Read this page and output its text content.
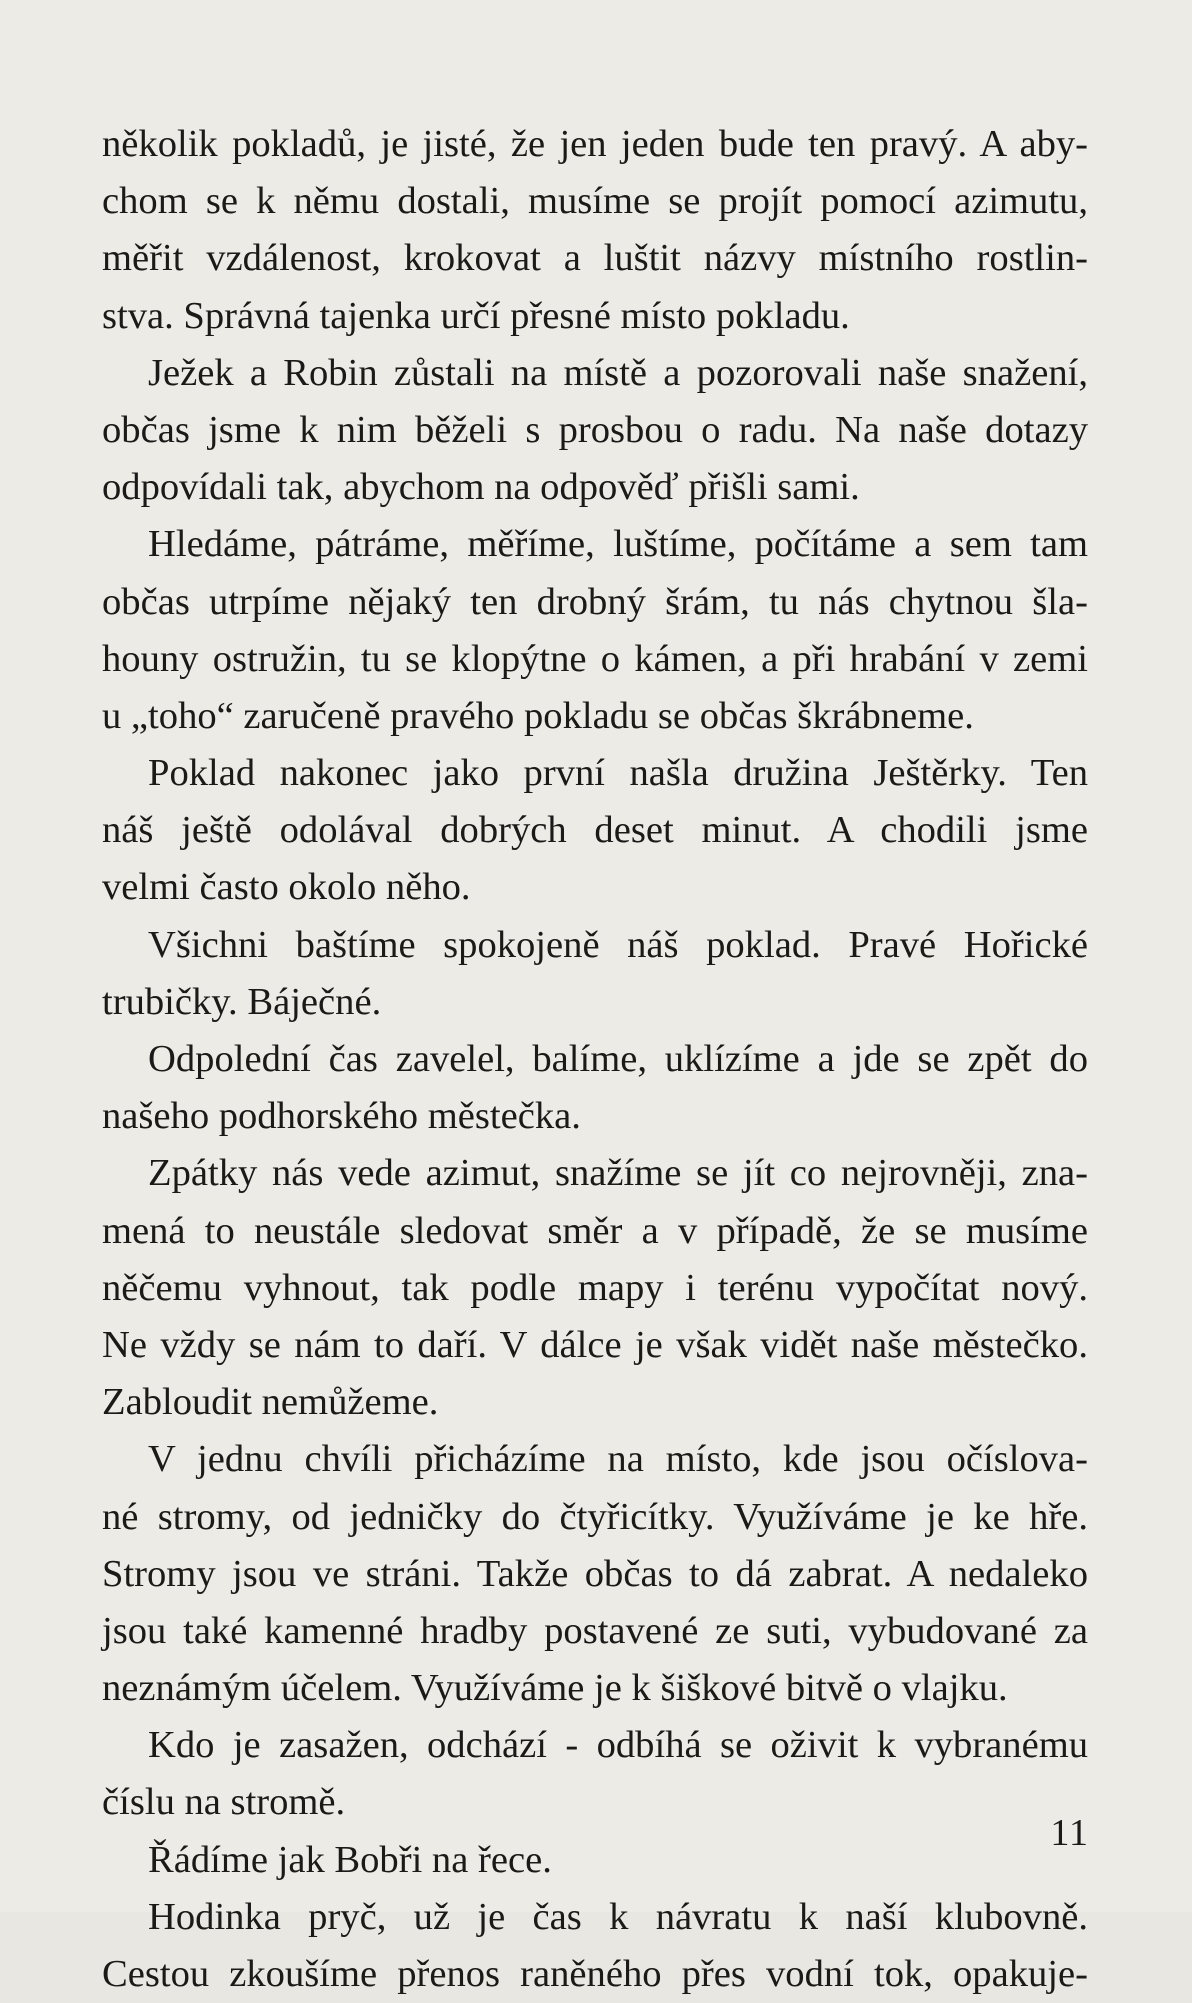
několik pokladů, je jisté, že jen jeden bude ten pravý. A aby-
chom se k němu dostali, musíme se projít pomocí azimutu,
měřit vzdálenost, krokovat a luštit názvy místního rostlin-
stva. Správná tajenka určí přesné místo pokladu.
Ježek a Robin zůstali na místě a pozorovali naše snažení,
občas jsme k nim běželi s prosbou o radu. Na naše dotazy
odpovídali tak, abychom na odpověď přišli sami.
Hledáme, pátráme, měříme, luštíme, počítáme a sem tam
občas utrpíme nějaký ten drobný šrám, tu nás chytnou šla-
houny ostružin, tu se klopýtne o kámen, a při hrabání v zemi
u „toho“ zaručeně pravého pokladu se občas škrábneme.
Poklad nakonec jako první našla družina Ještěrky. Ten
náš ještě odolával dobrých deset minut. A chodili jsme
velmi často okolo něho.
Všichni baštíme spokojeně náš poklad. Pravé Hořické
trubičky. Báječné.
Odpolední čas zavelel, balíme, uklízíme a jde se zpět do
našeho podhorského městečka.
Zpátky nás vede azimut, snažíme se jít co nejrovněji, zna-
mená to neustále sledovat směr a v případě, že se musíme
něčemu vyhnout, tak podle mapy i terénu vypočítat nový.
Ne vždy se nám to daří. V dálce je však vidět naše městečko.
Zabloudit nemůžeme.
V jednu chvíli přicházíme na místo, kde jsou očíslova-
né stromy, od jedničky do čtyřicítky. Využíváme je ke hře.
Stromy jsou ve stráni. Takže občas to dá zabrat. A nedaleko
jsou také kamenné hradby postavené ze suti, vybudované za
neznámým účelem. Využíváme je k šiškové bitvě o vlajku.
Kdo je zasažen, odchází - odbíhá se oživit k vybranému
číslu na stromě.
Řádíme jak Bobři na řece.
Hodinka pryč, už je čas k návratu k naší klubovně.
Cestou zkoušíme přenos raněného přes vodní tok, opakuje-
11
